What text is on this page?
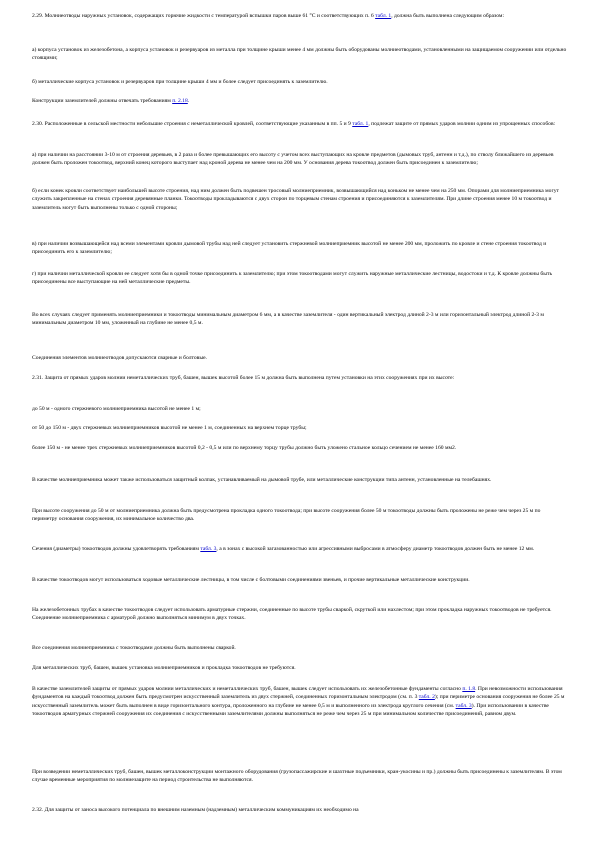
2.29. Молниеотводы наружных установок, содержащих горючие жидкости с температурой вспышки паров выше 61 °С и соответствующих п. 6 табл. 1, должна быть выполнена следующим образом:

а) корпуса установок из железобетона, а корпуса установок и резервуаров из металла при толщине крыши менее 4 мм должны быть оборудованы молниеотводами, установленными на защищаемом сооружении или отдельно стоящими;

б) металлические корпуса установок и резервуаров при толщине крыши 4 мм и более следует присоединять к заземлителю.

Конструкции заземлителей должны отвечать требованиям п. 2.18.

2.30. Расположенные в сельской местности небольшие строения с неметаллической кровлей, соответствующие указанным в пп. 5 и 9 табл. 1, подлежат защите от прямых ударов молнии одним из упрощенных способов:

а) при наличии на расстоянии 3-10 м от строения деревьев, в 2 раза и более превышающих его высоту с учетом всех выступающих на кровле предметов (дымовых труб, антенн и т.д.), по стволу ближайшего из деревьев должен быть проложен токоотвод, верхний конец которого выступает над кроной дерева не менее чем на 200 мм. У основания дерева токоотвод должен быть присоединен к заземлителю;

б) если конек кровли соответствует наибольшей высоте строения, над ним должен быть подвешен тросовый молниеприемник, возвышающийся над коньком не менее чем на 250 мм. Опорами для молниеприемника могут служить закрепленные на стенах строения деревянные планки. Токоотводы прокладываются с двух сторон по торцевым стенам строения и присоединяются к заземлителям. При длине строения менее 10 м токоотвод и заземлитель могут быть выполнены только с одной стороны;

в) при наличии возвышающейся над всеми элементами кровли дымовой трубы над ней следует установить стержневой молниеприемник высотой не менее 200 мм, проложить по кровле и стене строения токоотвод и присоединить его к заземлителю;

г) при наличии металлической кровли ее следует хотя бы в одной точке присоединить к заземлителю; при этом токоотводами могут служить наружные металлические лестницы, водостоки и т.д. К кровле должны быть присоединены все выступающие на ней металлические предметы.

Во всех случаях следует применять молниеприемники и токоотводы минимальным диаметром 6 мм, а в качестве заземлителя - один вертикальный электрод длиной 2-3 м или горизонтальный электрод длиной 2-3 м минимальным диаметром 10 мм, уложенный на глубине не менее 0,5 м.

Соединения элементов молниеотводов допускаются сварные и болтовые.

2.31. Защита от прямых ударов молнии неметаллических труб, башен, вышек высотой более 15 м должна быть выполнена путем установки на этих сооружениях при их высоте:

до 50 м - одного стержневого молниеприемника высотой не менее 1 м;

от 50 до 150 м - двух стержневых молниеприемников высотой не менее 1 м, соединенных на верхнем торце трубы;

более 150 м - не менее трех стержневых молниеприемников высотой 0,2 - 0,5 м или по верхнему торцу трубы должно быть уложено стальное кольцо сечением не менее 160 мм2.

В качестве молниеприемника может также использоваться защитный колпак, устанавливаемый на дымовой трубе, или металлические конструкции типа антенн, установленные на телебашнях.

При высоте сооружения до 50 м от молниеприемника должна быть предусмотрена прокладка одного токоотвода; при высоте сооружения более 50 м токоотводы должны быть проложены не реже чем через 25 м по периметру основания сооружения, их минимальное количество два.

Сечения (диаметры) токоотводов должны удовлетворять требованиям табл. 3, а в зонах с высокой загазованностью или агрессивными выбросами в атмосферу диаметр токоотводов должен быть не менее 12 мм.

В качестве токоотводов могут использоваться ходовые металлические лестницы, в том числе с болтовыми соединениями звеньев, и прочие вертикальные металлические конструкции.

На железобетонных трубах в качестве токоотводов следует использовать арматурные стержни, соединенные по высоте трубы сваркой, скруткой или нахлестом; при этом прокладка наружных токоотводов не требуется. Соединение молниеприемника с арматурой должно выполняться минимум в двух точках.

Все соединения молниеприемника с токоотводами должны быть выполнены сваркой.

Для металлических труб, башен, вышек установка молниеприемников и прокладка токоотводов не требуются.

В качестве заземлителей защиты от прямых ударов молнии металлических и неметаллических труб, башен, вышек следует использовать их железобетонные фундаменты согласно п. 1.8. При невозможности использования фундаментов на каждый токоотвод должен быть предусмотрен искусственный заземлитель из двух стержней, соединенных горизонтальным электродом (см. п. 3 табл. 2); при периметре основания сооружения не более 25 м искусственный заземлитель может быть выполнен в виде горизонтального контура, проложенного на глубине не менее 0,5 м и выполненного из электрода круглого сечения (см. табл. 3). При использовании в качестве токоотводов арматурных стержней сооружения их соединения с искусственными заземлителями должны выполняться не реже чем через 25 м при минимальном количестве присоединений, равном двум.

При возведении неметаллических труб, башен, вышек металлоконструкции монтажного оборудования (грузопассажирские и шахтные подъемники, кран-укосины и пр.) должны быть присоединены к заземлителям. В этом случае временные мероприятия по молниезащите на период строительства не выполняются.

2.32. Для защиты от заноса высокого потенциала по внешним наземным (надземным) металлическим коммуникациям их необходимо на
